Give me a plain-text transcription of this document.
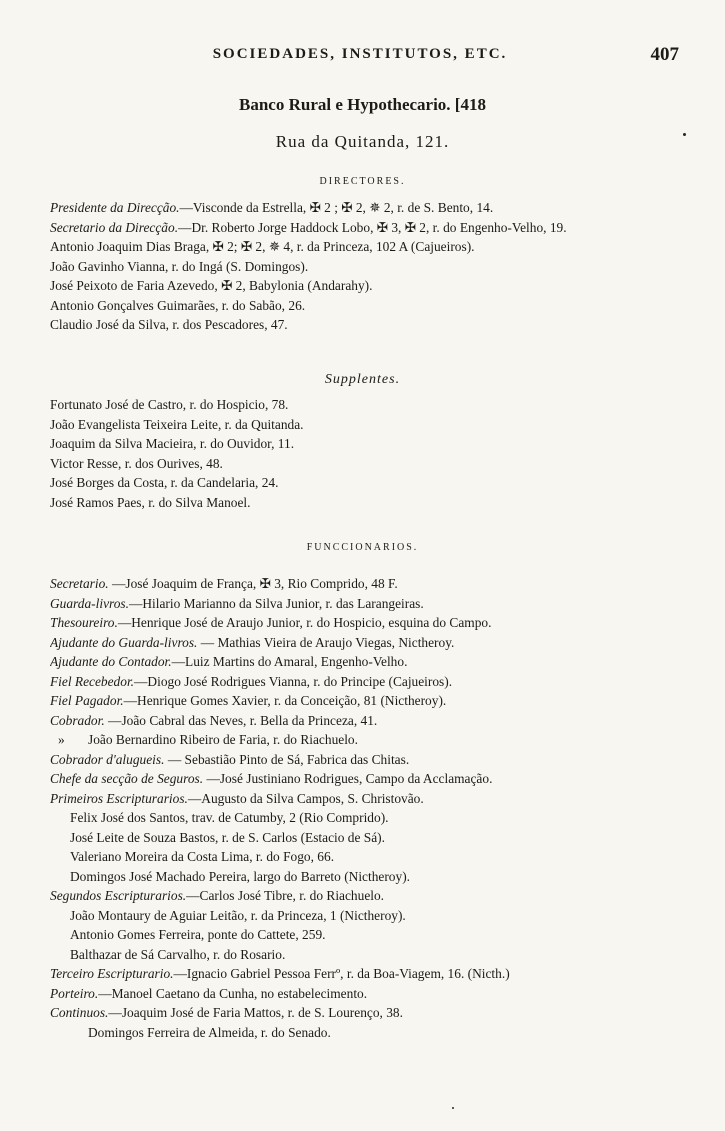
SOCIEDADES, INSTITUTOS, ETC.	407
Banco Rural e Hypothecario. [418
Rua da Quitanda, 121.
DIRECTORES.
Presidente da Direcção.—Visconde da Estrella, ✠ 2 ; ✠ 2, ✵ 2, r. de S. Bento, 14.
Secretario da Direcção.—Dr. Roberto Jorge Haddock Lobo, ✠ 3, ✠ 2, r. do Engenho-Velho, 19.
Antonio Joaquim Dias Braga, ✠ 2; ✠ 2, ✵ 4, r. da Princeza, 102 A (Cajueiros).
João Gavinho Vianna, r. do Ingá (S. Domingos).
José Peixoto de Faria Azevedo, ✠ 2, Babylonia (Andarahy).
Antonio Gonçalves Guimarães, r. do Sabão, 26.
Claudio José da Silva, r. dos Pescadores, 47.
Supplentes.
Fortunato José de Castro, r. do Hospicio, 78.
João Evangelista Teixeira Leite, r. da Quitanda.
Joaquim da Silva Macieira, r. do Ouvidor, 11.
Victor Resse, r. dos Ourives, 48.
José Borges da Costa, r. da Candelaria, 24.
José Ramos Paes, r. do Silva Manoel.
FUNCCIONARIOS.
Secretario. —José Joaquim de França, ✠ 3, Rio Comprido, 48 F.
Guarda-livros.—Hilario Marianno da Silva Junior, r. das Larangeiras.
Thesoureiro.—Henrique José de Araujo Junior, r. do Hospicio, esquina do Campo.
Ajudante do Guarda-livros. — Mathias Vieira de Araujo Viegas, Nictheroy.
Ajudante do Contador.—Luiz Martins do Amaral, Engenho-Velho.
Fiel Recebedor.—Diogo José Rodrigues Vianna, r. do Principe (Cajueiros).
Fiel Pagador.—Henrique Gomes Xavier, r. da Conceição, 81 (Nictheroy).
Cobrador. —João Cabral das Neves, r. Bella da Princeza, 41.
» João Bernardino Ribeiro de Faria, r. do Riachuelo.
Cobrador d'alugueis. — Sebastião Pinto de Sá, Fabrica das Chitas.
Chefe da secção de Seguros. —José Justiniano Rodrigues, Campo da Acclamação.
Primeiros Escripturarios.—Augusto da Silva Campos, S. Christovão.
Felix José dos Santos, trav. de Catumby, 2 (Rio Comprido).
José Leite de Souza Bastos, r. de S. Carlos (Estacio de Sá).
Valeriano Moreira da Costa Lima, r. do Fogo, 66.
Domingos José Machado Pereira, largo do Barreto (Nictheroy).
Segundos Escripturarios.—Carlos José Tibre, r. do Riachuelo.
João Montaury de Aguiar Leitão, r. da Princeza, 1 (Nictheroy).
Antonio Gomes Ferreira, ponte do Cattete, 259.
Balthazar de Sá Carvalho, r. do Rosario.
Terceiro Escripturario.—Ignacio Gabriel Pessoa Ferrº, r. da Boa-Viagem, 16. (Nicth.)
Porteiro.—Manoel Caetano da Cunha, no estabelecimento.
Continuos.—Joaquim José de Faria Mattos, r. de S. Lourenço, 38.
Domingos Ferreira de Almeida, r. do Senado.
